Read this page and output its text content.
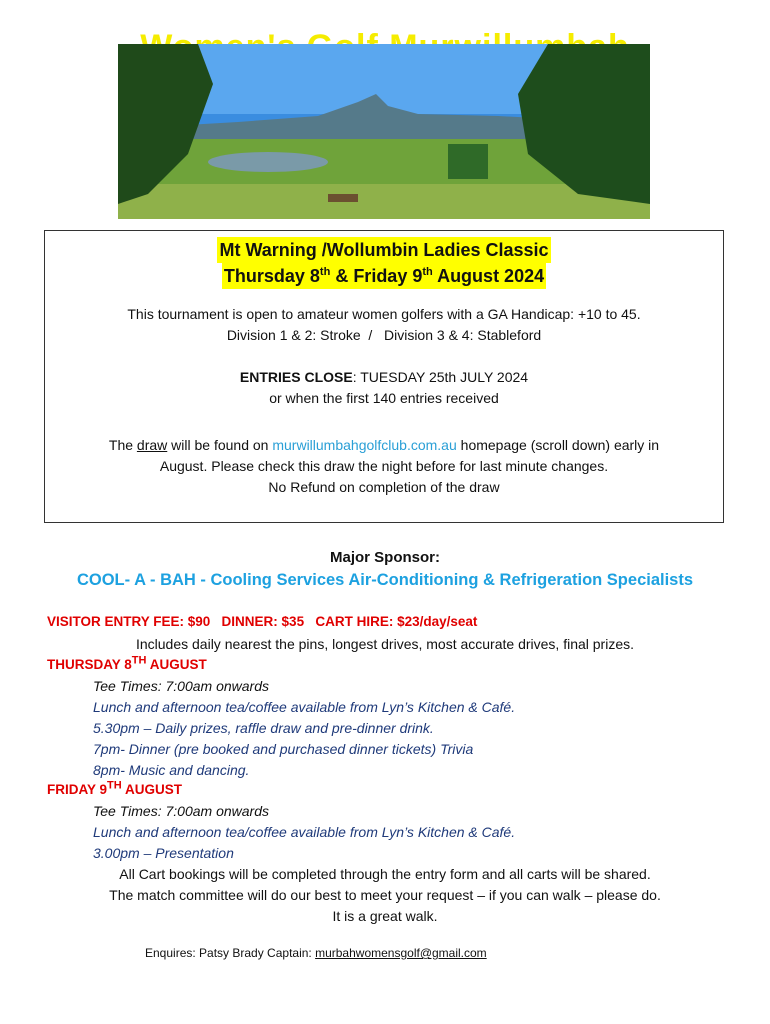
Mt Warning /Wollumbin Ladies Classic
Thursday 8th & Friday 9th August 2024
This tournament is open to amateur women golfers with a GA Handicap: +10 to 45.
Division 1 & 2: Stroke  /   Division 3 & 4: Stableford
ENTRIES CLOSE: TUESDAY 25th JULY 2024
or when the first 140 entries received
The draw will be found on murwillumbahgolfclub.com.au homepage (scroll down) early in
August. Please check this draw the night before for last minute changes.
No Refund on completion of the draw
Major Sponsor:
COOL- A - BAH - Cooling Services Air-Conditioning & Refrigeration Specialists
VISITOR ENTRY FEE: $90   DINNER: $35   CART HIRE: $23/day/seat
Includes daily nearest the pins, longest drives, most accurate drives, final prizes.
THURSDAY 8TH AUGUST
Tee Times: 7:00am onwards
Lunch and afternoon tea/coffee available from Lyn’s Kitchen & Café.
5.30pm – Daily prizes, raffle draw and pre-dinner drink.
7pm- Dinner (pre booked and purchased dinner tickets) Trivia
8pm- Music and dancing.
FRIDAY 9TH AUGUST
Tee Times: 7:00am onwards
Lunch and afternoon tea/coffee available from Lyn’s Kitchen & Café.
3.00pm – Presentation
All Cart bookings will be completed through the entry form and all carts will be shared.
The match committee will do our best to meet your request – if you can walk – please do.
It is a great walk.
Enquires: Patsy Brady Captain: murbahwomensgolf@gmail.com
